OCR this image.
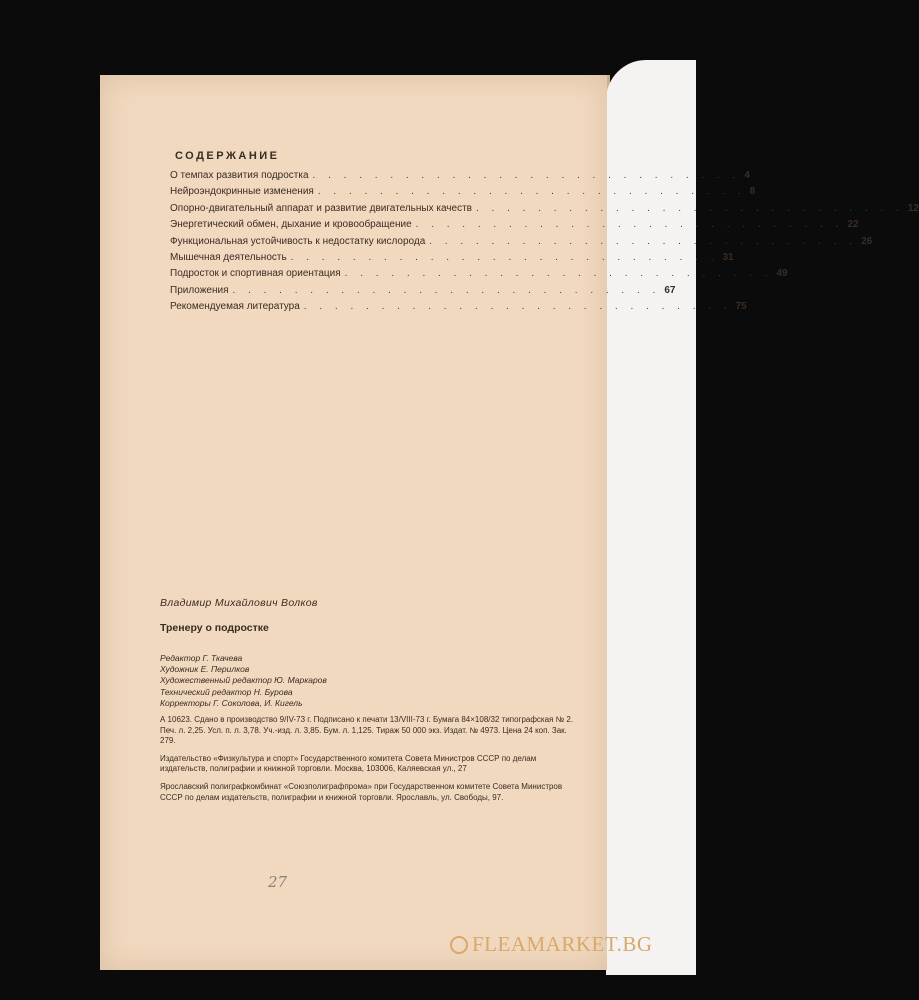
СОДЕРЖАНИЕ
О темпах развития подростка . . . . . . . . . . . . . . . . . . . . . . . . . . . . 4
Нейроэндокринные изменения . . . . . . . . . . . . . . . . . . . . . . . . . . . . 8
Опорно-двигательный аппарат и развитие двигательных качеств . . . . . . . . . . . . . . . . . . . . . . . . . . . . 12
Энергетический обмен, дыхание и кровообращение . . . . . . . . . . . . . . . . . . . . . . . . . . . . 22
Функциональная устойчивость к недостатку кислорода . . . . . . . . . . . . . . . . . . . . . . . . . . . . 26
Мышечная деятельность . . . . . . . . . . . . . . . . . . . . . . . . . . . . 31
Подросток и спортивная ориентация . . . . . . . . . . . . . . . . . . . . . . . . . . . . 49
Приложения . . . . . . . . . . . . . . . . . . . . . . . . . . . . 67
Рекомендуемая литература . . . . . . . . . . . . . . . . . . . . . . . . . . . . 75
Владимир Михайлович Волков
Тренеру о подростке
Редактор Г. Ткачева
Художник Е. Перилков
Художественный редактор Ю. Маркаров
Технический редактор Н. Бурова
Корректоры Г. Соколова, И. Кигель

А 10623. Сдано в производство 9/IV-73 г. Подписано к печати 13/VIII-73 г. Бумага 84×108/32 типографская № 2. Печ. л. 2,25. Усл. п. л. 3,78. Уч.-изд. л. 3,85. Бум. л. 1,125. Тираж 50 000 экз. Издат. № 4973. Цена 24 коп. Зак. 279.

Издательство «Физкультура и спорт» Государственного комитета Совета Министров СССР по делам издательств, полиграфии и книжной торговли. Москва, 103006, Каляевская ул., 27

Ярославский полиграфкомбинат «Союзполиграфпрома» при Государственном комитете Совета Министров СССР по делам издательств, полиграфии и книжной торговли. Ярославль, ул. Свободы, 97.

27
FLEAMARKET.BG
